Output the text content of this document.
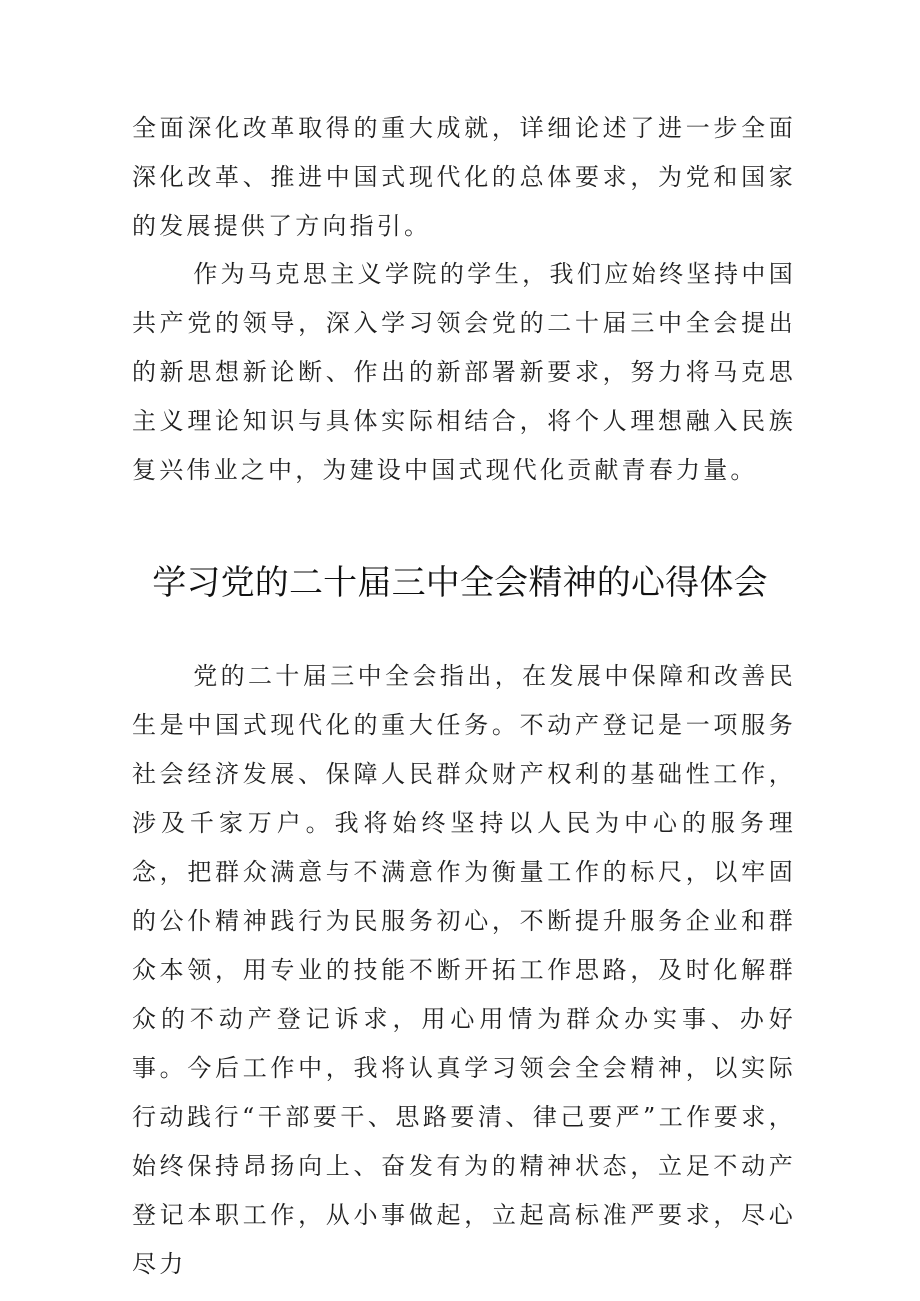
全面深化改革取得的重大成就，详细论述了进一步全面深化改革、推进中国式现代化的总体要求，为党和国家的发展提供了方向指引。

作为马克思主义学院的学生，我们应始终坚持中国共产党的领导，深入学习领会党的二十届三中全会提出的新思想新论断、作出的新部署新要求，努力将马克思主义理论知识与具体实际相结合，将个人理想融入民族复兴伟业之中，为建设中国式现代化贡献青春力量。

学习党的二十届三中全会精神的心得体会

党的二十届三中全会指出，在发展中保障和改善民生是中国式现代化的重大任务。不动产登记是一项服务社会经济发展、保障人民群众财产权利的基础性工作，涉及千家万户。我将始终坚持以人民为中心的服务理念，把群众满意与不满意作为衡量工作的标尺，以牢固的公仆精神践行为民服务初心，不断提升服务企业和群众本领，用专业的技能不断开拓工作思路，及时化解群众的不动产登记诉求，用心用情为群众办实事、办好事。今后工作中，我将认真学习领会全会精神，以实际行动践行“干部要干、思路要清、律己要严”工作要求，始终保持昂扬向上、奋发有为的精神状态，立足不动产登记本职工作，从小事做起，立起高标准严要求，尽心尽力
